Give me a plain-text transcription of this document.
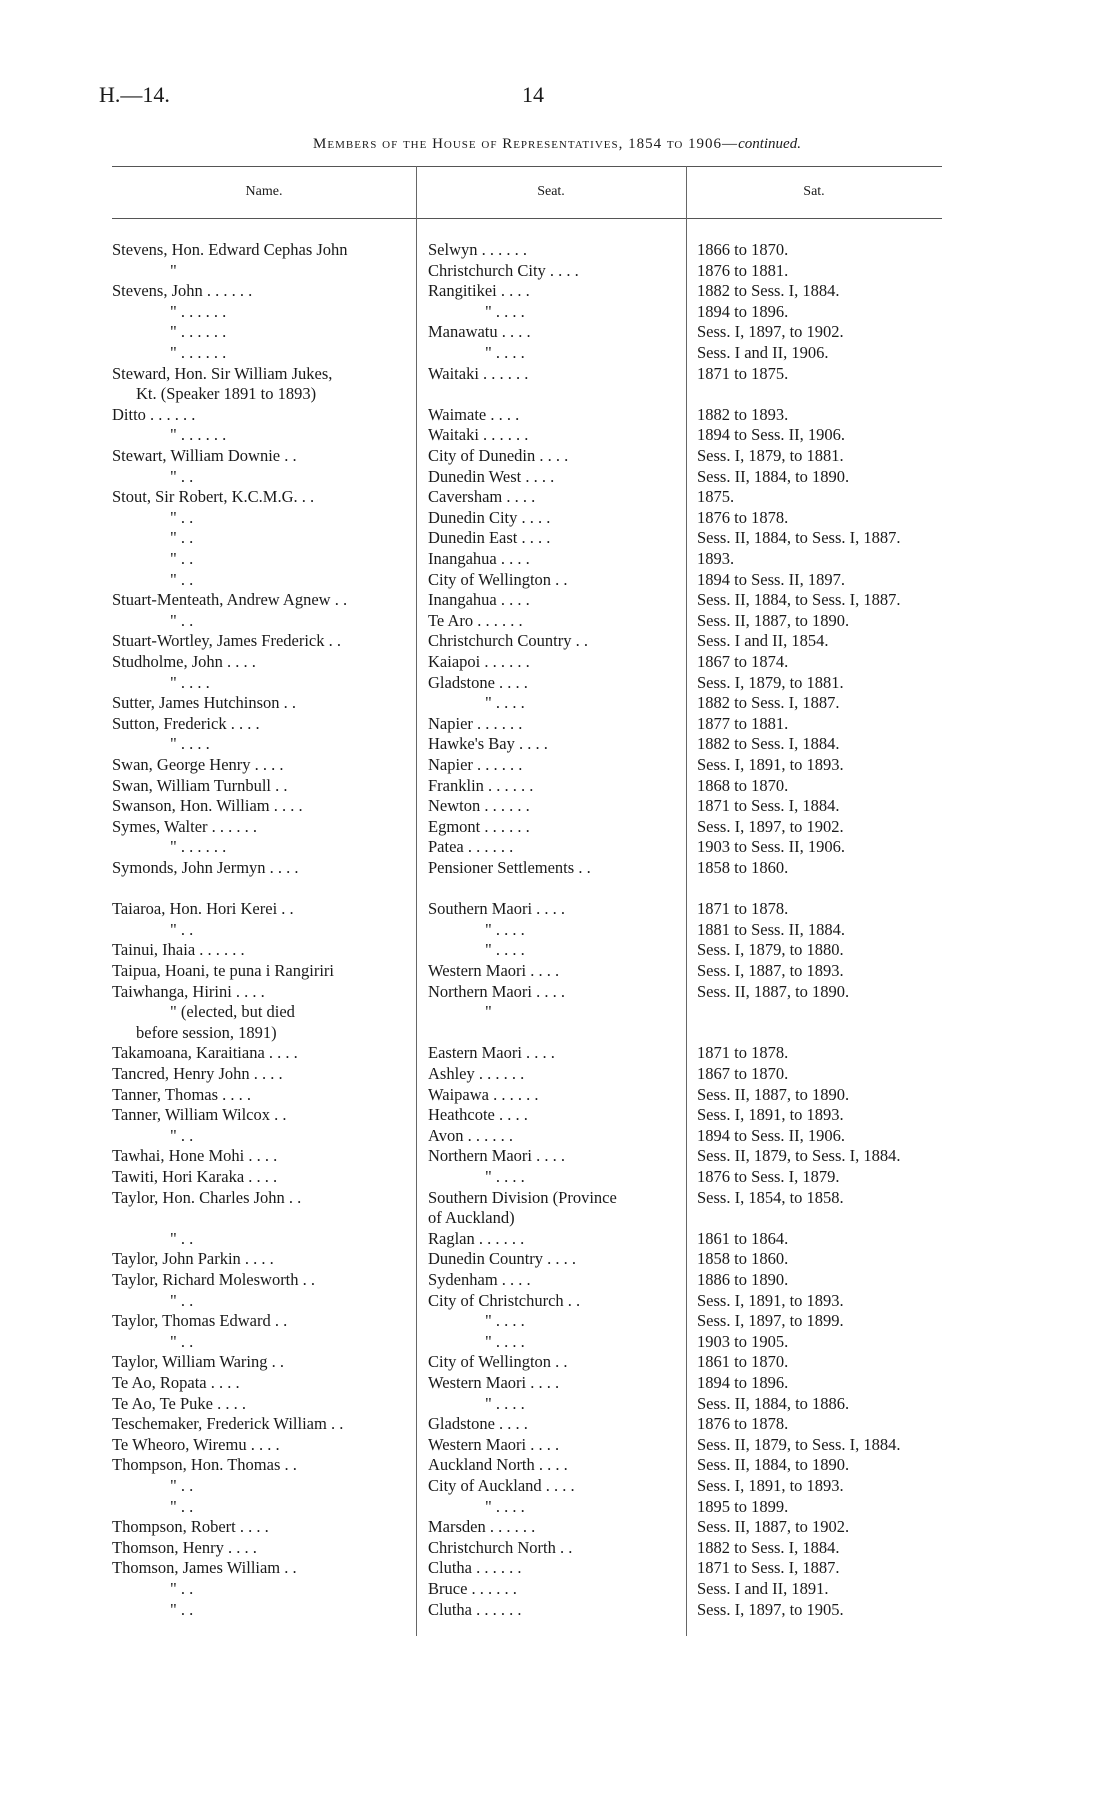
H.—14.	14
Members of the House of Representatives, 1854 to 1906—continued.
Name.	Seat.	Sat.
Stevens, Hon. Edward Cephas John	Selwyn . . . . . .	1866 to 1870.
"	Christchurch City . . . .	1876 to 1881.
Stevens, John . . . . . .	Rangitikei . . . .	1882 to Sess. I, 1884.
" . . . . . .	" . . . .	1894 to 1896.
" . . . . . .	Manawatu . . . .	Sess. I, 1897, to 1902.
" . . . . . .	" . . . .	Sess. I and II, 1906.
Steward, Hon. Sir William Jukes,	Waitaki . . . . . .	1871 to 1875.
Kt. (Speaker 1891 to 1893)
Ditto . . . . . .	Waimate . . . .	1882 to 1893.
" . . . . . .	Waitaki . . . . . .	1894 to Sess. II, 1906.
Stewart, William Downie . .	City of Dunedin . . . .	Sess. I, 1879, to 1881.
" . .	Dunedin West . . . .	Sess. II, 1884, to 1890.
Stout, Sir Robert, K.C.M.G. . .	Caversham . . . .	1875.
" . .	Dunedin City . . . .	1876 to 1878.
" . .	Dunedin East . . . .	Sess. II, 1884, to Sess. I, 1887.
" . .	Inangahua . . . .	1893.
" . .	City of Wellington . .	1894 to Sess. II, 1897.
Stuart-Menteath, Andrew Agnew . .	Inangahua . . . .	Sess. II, 1884, to Sess. I, 1887.
" . .	Te Aro . . . . . .	Sess. II, 1887, to 1890.
Stuart-Wortley, James Frederick . .	Christchurch Country . .	Sess. I and II, 1854.
Studholme, John . . . .	Kaiapoi . . . . . .	1867 to 1874.
" . . . .	Gladstone . . . .	Sess. I, 1879, to 1881.
Sutter, James Hutchinson . .	" . . . .	1882 to Sess. I, 1887.
Sutton, Frederick . . . .	Napier . . . . . .	1877 to 1881.
" . . . .	Hawke's Bay . . . .	1882 to Sess. I, 1884.
Swan, George Henry . . . .	Napier . . . . . .	Sess. I, 1891, to 1893.
Swan, William Turnbull . .	Franklin . . . . . .	1868 to 1870.
Swanson, Hon. William . . . .	Newton . . . . . .	1871 to Sess. I, 1884.
Symes, Walter . . . . . .	Egmont . . . . . .	Sess. I, 1897, to 1902.
" . . . . . .	Patea . . . . . .	1903 to Sess. II, 1906.
Symonds, John Jermyn . . . .	Pensioner Settlements . .	1858 to 1860.
Taiaroa, Hon. Hori Kerei . .	Southern Maori . . . .	1871 to 1878.
" . .	" . . . .	1881 to Sess. II, 1884.
Tainui, Ihaia . . . . . .	" . . . .	Sess. I, 1879, to 1880.
Taipua, Hoani, te puna i Rangiriri	Western Maori . . . .	Sess. I, 1887, to 1893.
Taiwhanga, Hirini . . . .	Northern Maori . . . .	Sess. II, 1887, to 1890.
" (elected, but died	"
before session, 1891)
Takamoana, Karaitiana . . . .	Eastern Maori . . . .	1871 to 1878.
Tancred, Henry John . . . .	Ashley . . . . . .	1867 to 1870.
Tanner, Thomas . . . .	Waipawa . . . . . .	Sess. II, 1887, to 1890.
Tanner, William Wilcox . .	Heathcote . . . .	Sess. I, 1891, to 1893.
" . .	Avon . . . . . .	1894 to Sess. II, 1906.
Tawhai, Hone Mohi . . . .	Northern Maori . . . .	Sess. II, 1879, to Sess. I, 1884.
Tawiti, Hori Karaka . . . .	" . . . .	1876 to Sess. I, 1879.
Taylor, Hon. Charles John . .	Southern Division (Province	Sess. I, 1854, to 1858.
of Auckland)
" . .	Raglan . . . . . .	1861 to 1864.
Taylor, John Parkin . . . .	Dunedin Country . . . .	1858 to 1860.
Taylor, Richard Molesworth . .	Sydenham . . . .	1886 to 1890.
" . .	City of Christchurch . .	Sess. I, 1891, to 1893.
Taylor, Thomas Edward . .	" . . . .	Sess. I, 1897, to 1899.
" . .	" . . . .	1903 to 1905.
Taylor, William Waring . .	City of Wellington . .	1861 to 1870.
Te Ao, Ropata . . . .	Western Maori . . . .	1894 to 1896.
Te Ao, Te Puke . . . .	" . . . .	Sess. II, 1884, to 1886.
Teschemaker, Frederick William . .	Gladstone . . . .	1876 to 1878.
Te Wheoro, Wiremu . . . .	Western Maori . . . .	Sess. II, 1879, to Sess. I, 1884.
Thompson, Hon. Thomas . .	Auckland North . . . .	Sess. II, 1884, to 1890.
" . .	City of Auckland . . . .	Sess. I, 1891, to 1893.
" . .	" . . . .	1895 to 1899.
Thompson, Robert . . . .	Marsden . . . . . .	Sess. II, 1887, to 1902.
Thomson, Henry . . . .	Christchurch North . .	1882 to Sess. I, 1884.
Thomson, James William . .	Clutha . . . . . .	1871 to Sess. I, 1887.
" . .	Bruce . . . . . .	Sess. I and II, 1891.
" . .	Clutha . . . . . .	Sess. I, 1897, to 1905.
